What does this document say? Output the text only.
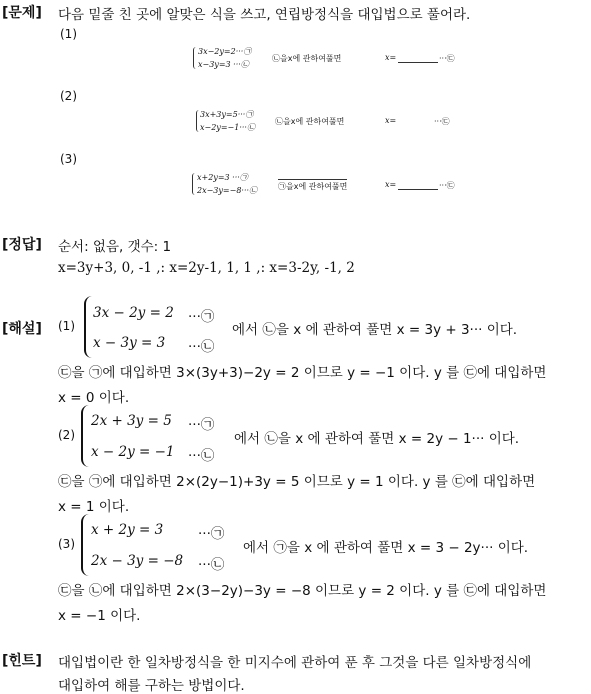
[문제] 다음 밑줄 친 곳에 알맞은 식을 쓰고, 연립방정식을 대입법으로 풀어라.
(1)
3x−2y=2···㉠
x−3y=3 ···㉡
㉡을x에 관하여풀면	x=	···㉢
(2)
3x+3y=5···㉠
x−2y=−1···㉡
㉡을x에 관하여풀면	x=	···㉢
(3)
x+2y=3 ···㉠
2x−3y=−8···㉡	㉠을x에 관하여풀면	x=	···㉢
[정답] 순서: 없음, 갯수: 1
x=3y+3, 0, -1 ,: x=2y-1, 1, 1 ,: x=3-2y, -1, 2
[해설] (1)
3x − 2y = 2 ···㉠
x − 3y = 3 ···㉡
에서 ㉡을 x 에 관하여 풀면 x = 3y + 3··· 이다.
㉢을 ㉠에 대입하면 3×(3y+3)−2y = 2 이므로 y = −1 이다. y 를 ㉢에 대입하면
x = 0 이다.
(2)
2x + 3y = 5 ···㉠
x − 2y = −1 ···㉡
에서 ㉡을 x 에 관하여 풀면 x = 2y − 1··· 이다.
㉢을 ㉠에 대입하면 2×(2y−1)+3y = 5 이므로 y = 1 이다. y 를 ㉢에 대입하면
x = 1 이다.
(3)
x + 2y = 3	···㉠
2x − 3y = −8 ···㉡
에서 ㉠을 x 에 관하여 풀면 x = 3 − 2y··· 이다.
㉢을 ㉡에 대입하면 2×(3−2y)−3y = −8 이므로 y = 2 이다. y 를 ㉢에 대입하면
x = −1 이다.
[힌트] 대입법이란 한 일차방정식을 한 미지수에 관하여 푼 후 그것을 다른 일차방정식에
대입하여 해를 구하는 방법이다.
